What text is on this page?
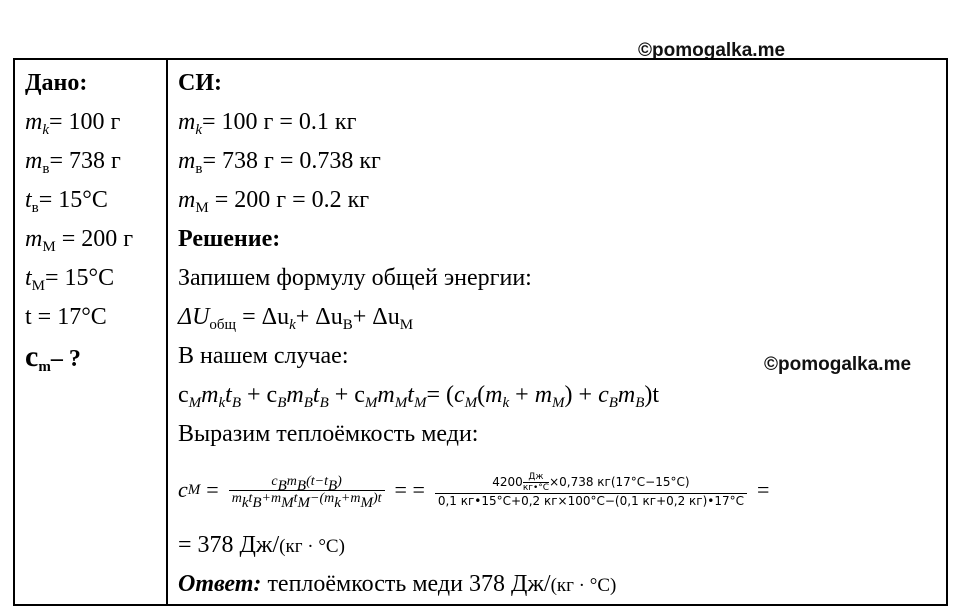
©pomogalka.me
©pomogalka.me
Дано:
$m_k= 100$ г
$m_в= 738$ г
$t_в= 15^\circ C$
$m_М = 200$ г
$t_М= 15^\circ C$
t = 17°C
$c_m-$ ?

СИ:
$m_k= 100$ г = 0.1 кг
$m_в= 738$ г = 0.738 кг
$m_М = 200$ г = 0.2 кг
Решение:
Запишем формулу общей энергии:
$\Delta U_{общ} = \Delta u_k+ \Delta u_В+ \Delta u_М$
В нашем случае:
$c_Mm_kt_B + c_Bm_Bt_B + c_Mm_Mt_M= (c_M(m_k + m_M) + c_Bm_B)t$
Выразим теплоёмкость меди:
c $M = \frac{c_Bm_B(t-t_B)}{m_kt_B+m_Mt_M-(m_k+m_M)t}$ = = 4200 Дж
кг•°С ×0,738 кг(17°С−15°С)
0,1 кг•15°С+0,2 кг×100°С−(0,1 кг+0,2 кг)•17°С =
= 378 Дж/(кг · °С)
Ответ: теплоёмкость меди 378 Дж/(кг · °С)
